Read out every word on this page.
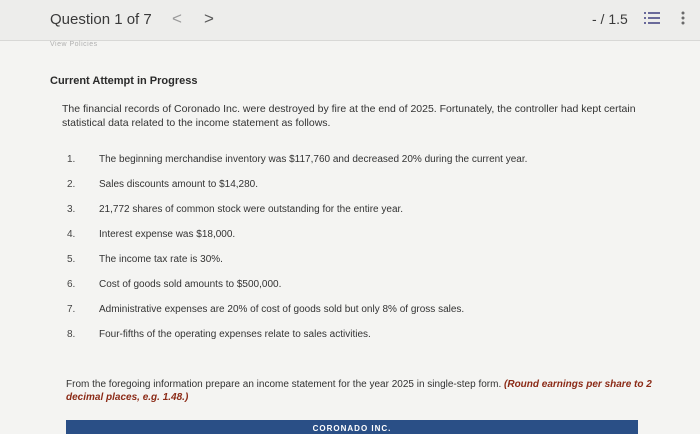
Question 1 of 7 < >	- / 1.5
View Policies
Current Attempt in Progress
The financial records of Coronado Inc. were destroyed by fire at the end of 2025. Fortunately, the controller had kept certain statistical data related to the income statement as follows.
1.	The beginning merchandise inventory was $117,760 and decreased 20% during the current year.
2.	Sales discounts amount to $14,280.
3.	21,772 shares of common stock were outstanding for the entire year.
4.	Interest expense was $18,000.
5.	The income tax rate is 30%.
6.	Cost of goods sold amounts to $500,000.
7.	Administrative expenses are 20% of cost of goods sold but only 8% of gross sales.
8.	Four-fifths of the operating expenses relate to sales activities.
From the foregoing information prepare an income statement for the year 2025 in single-step form. (Round earnings per share to 2 decimal places, e.g. 1.48.)
CORONADO INC.
